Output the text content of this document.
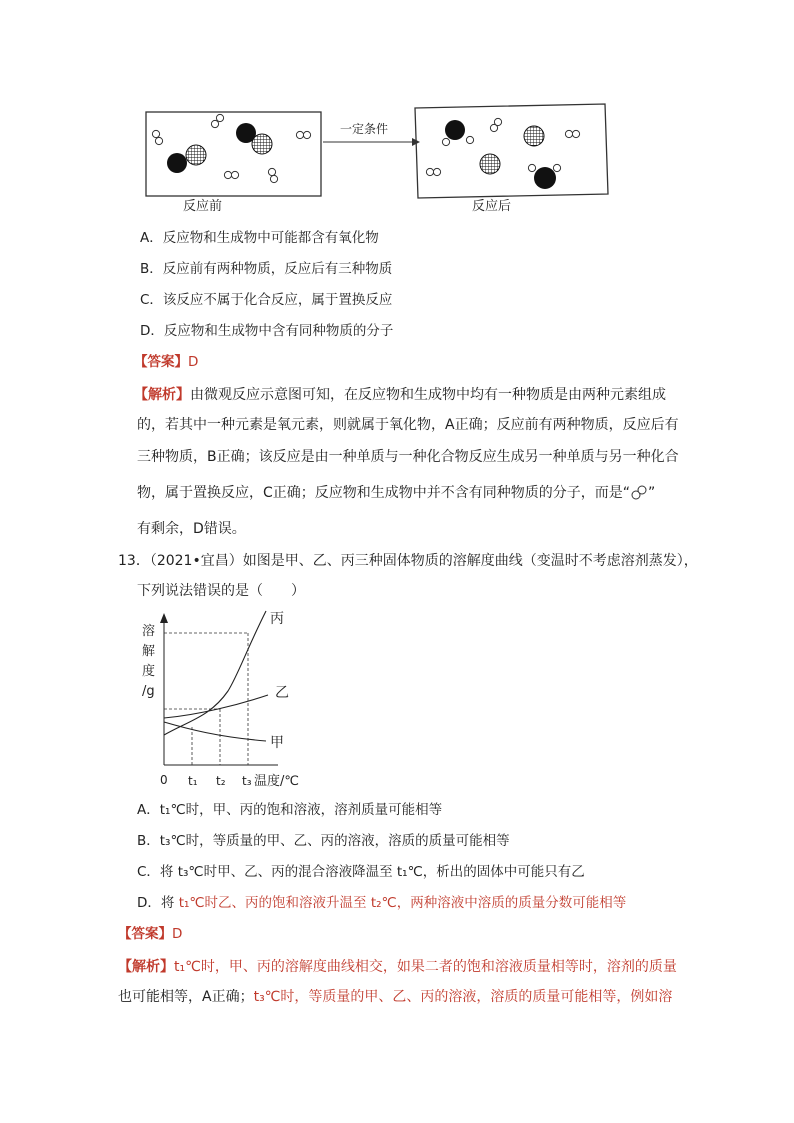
一定条件
反应前	反应后
A．反应物和生成物中可能都含有氧化物
B．反应前有两种物质，反应后有三种物质
C．该反应不属于化合反应，属于置换反应
D．反应物和生成物中含有同种物质的分子
【答案】D
【解析】由微观反应示意图可知，在反应物和生成物中均有一种物质是由两种元素组成
的，若其中一种元素是氧元素，则就属于氧化物，A正确；反应前有两种物质，反应后有
三种物质，B正确；该反应是由一种单质与一种化合物反应生成另一种单质与另一种化合
物，属于置换反应，C正确；反应物和生成物中并不含有同种物质的分子，而是“ ”
有剩余，D错误。
13．（2021•宜昌）如图是甲、乙、丙三种固体物质的溶解度曲线（变温时不考虑溶剂蒸发），
下列说法错误的是（　　）
溶
解
度
/g
丙
乙
甲
0 t₁ t₂ t₃ 温度/℃
A．t₁℃时，甲、丙的饱和溶液，溶剂质量可能相等
B．t₃℃时，等质量的甲、乙、丙的溶液，溶质的质量可能相等
C．将 t₃℃时甲、乙、丙的混合溶液降温至 t₁℃，析出的固体中可能只有乙
D．将 t₁℃时乙、丙的饱和溶液升温至 t₂℃，两种溶液中溶质的质量分数可能相等
【答案】D
【解析】t₁℃时，甲、丙的溶解度曲线相交，如果二者的饱和溶液质量相等时，溶剂的质量
也可能相等，A正确；t₃℃时，等质量的甲、乙、丙的溶液，溶质的质量可能相等，例如溶
